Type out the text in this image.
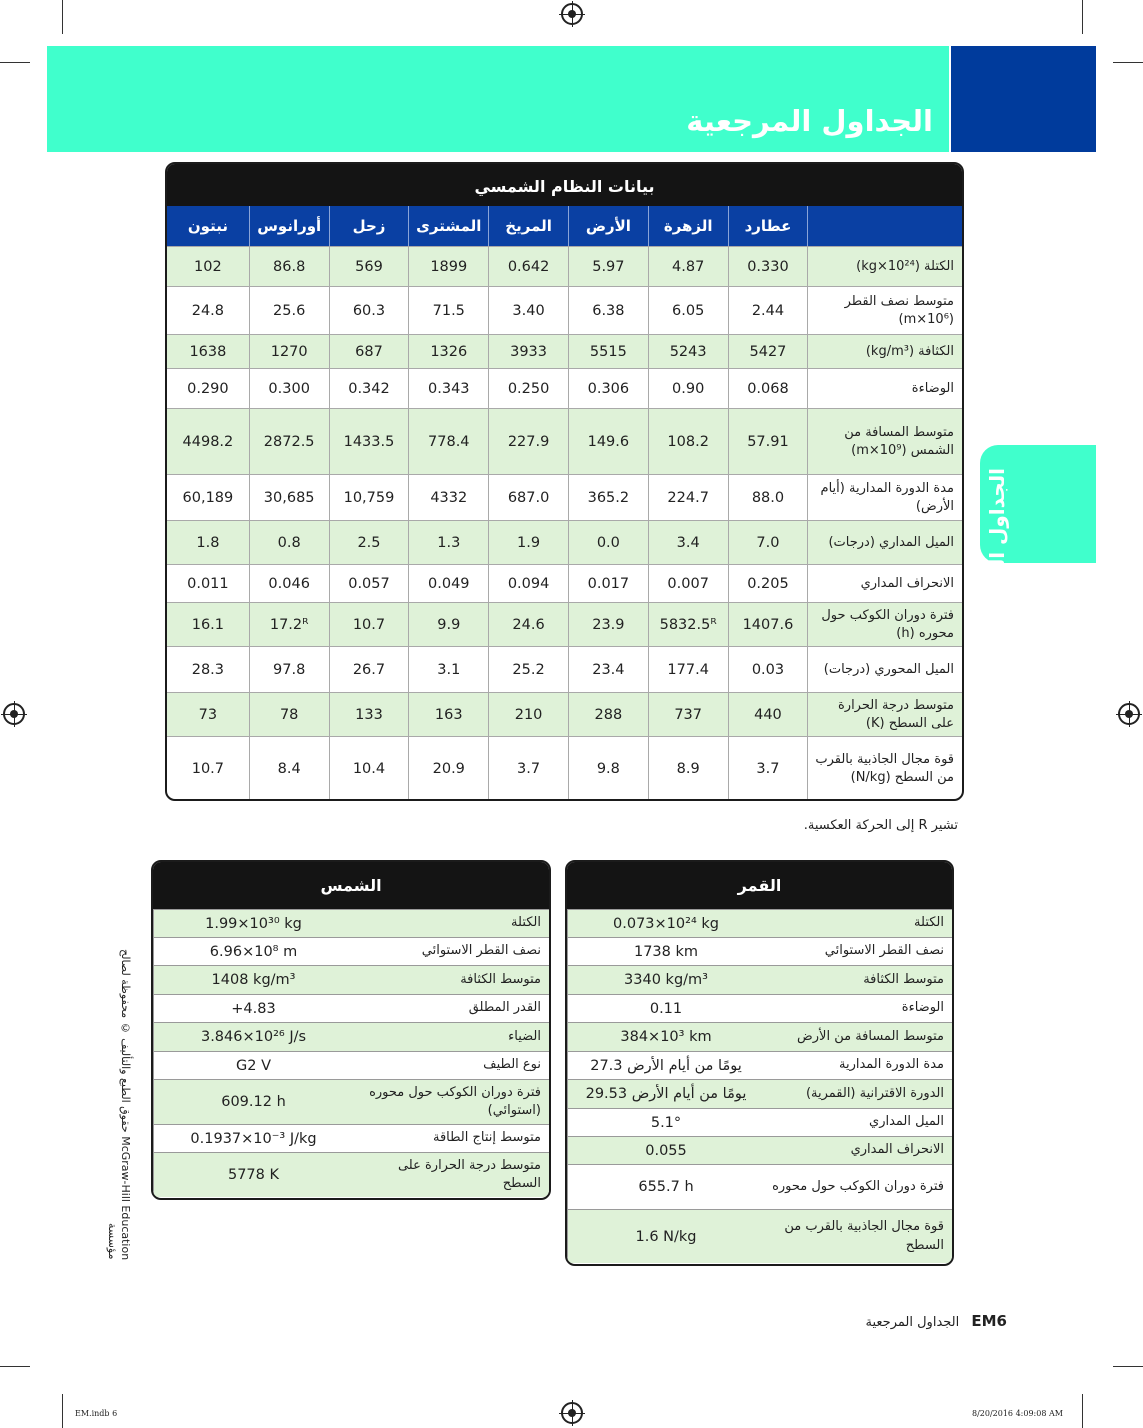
الجداول المرجعية
الجداول المرجعية
بيانات النظام الشمسي
عطارد
الزهرة
الأرض
المريخ
المشترى
زحل
أورانوس
نبتون
الكتلة (10²⁴×kg)
0.330
4.87
5.97
0.642
1899
569
86.8
102
متوسط نصف القطر (10⁶×m)
2.44
6.05
6.38
3.40
71.5
60.3
25.6
24.8
الكثافة (kg/m³)
5427
5243
5515
3933
1326
687
1270
1638
الوضاءة
0.068
0.90
0.306
0.250
0.343
0.342
0.300
0.290
متوسط المسافة من الشمس (10⁹×m)
57.91
108.2
149.6
227.9
778.4
1433.5
2872.5
4498.2
مدة الدورة المدارية (أيام الأرض)
88.0
224.7
365.2
687.0
4332
10,759
30,685
60,189
الميل المداري (درجات)
7.0
3.4
0.0
1.9
1.3
2.5
0.8
1.8
الانحراف المداري
0.205
0.007
0.017
0.094
0.049
0.057
0.046
0.011
فترة دوران الكوكب حول محوره (h)
1407.6
5832.5ᴿ
23.9
24.6
9.9
10.7
17.2ᴿ
16.1
الميل المحوري (درجات)
0.03
177.4
23.4
25.2
3.1
26.7
97.8
28.3
متوسط درجة الحرارة على السطح (K)
440
737
288
210
163
133
78
73
قوة مجال الجاذبية بالقرب من السطح (N/kg)
3.7
8.9
9.8
3.7
20.9
10.4
8.4
10.7
تشير R إلى الحركة العكسية.
الشمس
الكتلة
1.99×10³⁰ kg
نصف القطر الاستوائي
6.96×10⁸ m
متوسط الكثافة
1408 kg/m³
القدر المطلق
+4.83
الضياء
3.846×10²⁶ J/s
نوع الطيف
G2 V
فترة دوران الكوكب حول محوره (استوائي)
609.12 h
متوسط إنتاج الطاقة
0.1937×10⁻³ J/kg
متوسط درجة الحرارة على السطح
5778 K
القمر
الكتلة
0.073×10²⁴ kg
نصف القطر الاستوائي
1738 km
متوسط الكثافة
3340 kg/m³
الوضاءة
0.11
متوسط المسافة من الأرض
384×10³ km
مدة الدورة المدارية
27.3 يومًا من أيام الأرض
الدورة الاقترانية (القمرية)
29.53 يومًا من أيام الأرض
الميل المداري
5.1°
الانحراف المداري
0.055
فترة دوران الكوكب حول محوره
655.7 h
قوة مجال الجاذبية بالقرب من السطح
1.6 N/kg
McGraw-Hill Education حقوق الطبع والتأليف © محفوظة لصالح مؤسسة
EM6 الجداول المرجعية
EM.indb 6	8/20/2016 4:09:08 AM
